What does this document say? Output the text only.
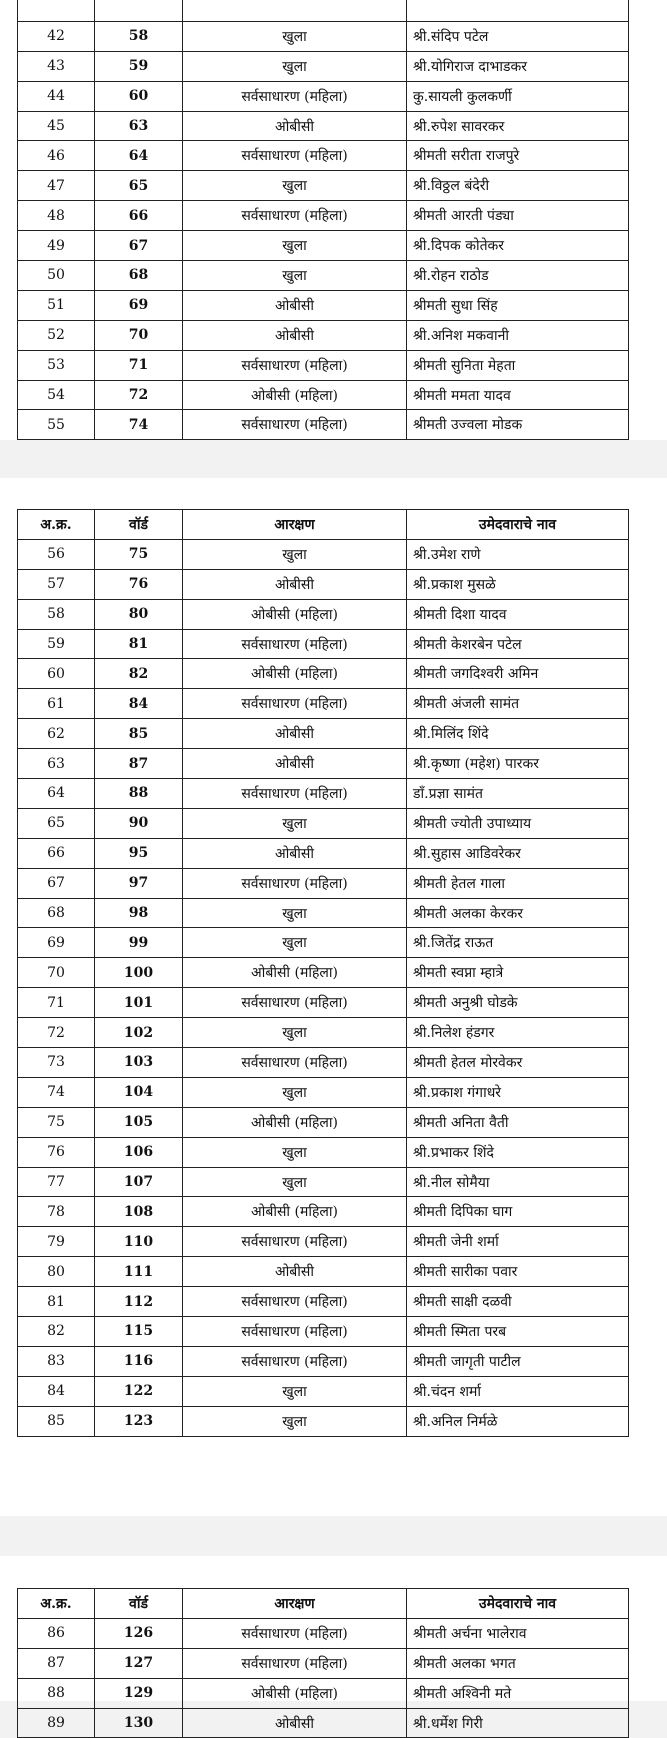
42	58	खुला	श्री.संदिप पटेल
43	59	खुला	श्री.योगिराज दाभाडकर
44	60	सर्वसाधारण (महिला)	कु.सायली कुलकर्णी
45	63	ओबीसी	श्री.रुपेश सावरकर
46	64	सर्वसाधारण (महिला)	श्रीमती सरीता राजपुरे
47	65	खुला	श्री.विठ्ठल बंदेरी
48	66	सर्वसाधारण (महिला)	श्रीमती आरती पंड्या
49	67	खुला	श्री.दिपक कोतेकर
50	68	खुला	श्री.रोहन राठोड
51	69	ओबीसी	श्रीमती सुधा सिंह
52	70	ओबीसी	श्री.अनिश मकवानी
53	71	सर्वसाधारण (महिला)	श्रीमती सुनिता मेहता
54	72	ओबीसी (महिला)	श्रीमती ममता यादव
55	74	सर्वसाधारण (महिला)	श्रीमती उज्वला मोडक
अ.क्र.	वॉर्ड	आरक्षण	उमेदवाराचे नाव
56	75	खुला	श्री.उमेश राणे
57	76	ओबीसी	श्री.प्रकाश मुसळे
58	80	ओबीसी (महिला)	श्रीमती दिशा यादव
59	81	सर्वसाधारण (महिला)	श्रीमती केशरबेन पटेल
60	82	ओबीसी (महिला)	श्रीमती जगदिश्वरी अमिन
61	84	सर्वसाधारण (महिला)	श्रीमती अंजली सामंत
62	85	ओबीसी	श्री.मिलिंद शिंदे
63	87	ओबीसी	श्री.कृष्णा (महेश) पारकर
64	88	सर्वसाधारण (महिला)	डॉं.प्रज्ञा सामंत
65	90	खुला	श्रीमती ज्योती उपाध्याय
66	95	ओबीसी	श्री.सुहास आडिवरेकर
67	97	सर्वसाधारण (महिला)	श्रीमती हेतल गाला
68	98	खुला	श्रीमती अलका केरकर
69	99	खुला	श्री.जितेंद्र राऊत
70	100	ओबीसी (महिला)	श्रीमती स्वप्ना म्हात्रे
71	101	सर्वसाधारण (महिला)	श्रीमती अनुश्री घोडके
72	102	खुला	श्री.निलेश हंडगर
73	103	सर्वसाधारण (महिला)	श्रीमती हेतल मोरवेकर
74	104	खुला	श्री.प्रकाश गंगाधरे
75	105	ओबीसी (महिला)	श्रीमती अनिता वैती
76	106	खुला	श्री.प्रभाकर शिंदे
77	107	खुला	श्री.नील सोमैया
78	108	ओबीसी (महिला)	श्रीमती दिपिका घाग
79	110	सर्वसाधारण (महिला)	श्रीमती जेनी शर्मा
80	111	ओबीसी	श्रीमती सारीका पवार
81	112	सर्वसाधारण (महिला)	श्रीमती साक्षी दळवी
82	115	सर्वसाधारण (महिला)	श्रीमती स्मिता परब
83	116	सर्वसाधारण (महिला)	श्रीमती जागृती पाटील
84	122	खुला	श्री.चंदन शर्मा
85	123	खुला	श्री.अनिल निर्मळे
अ.क्र.	वॉर्ड	आरक्षण	उमेदवाराचे नाव
86	126	सर्वसाधारण (महिला)	श्रीमती अर्चना भालेराव
87	127	सर्वसाधारण (महिला)	श्रीमती अलका भगत
88	129	ओबीसी (महिला)	श्रीमती अश्विनी मते
89	130	ओबीसी	श्री.धर्मेश गिरी
